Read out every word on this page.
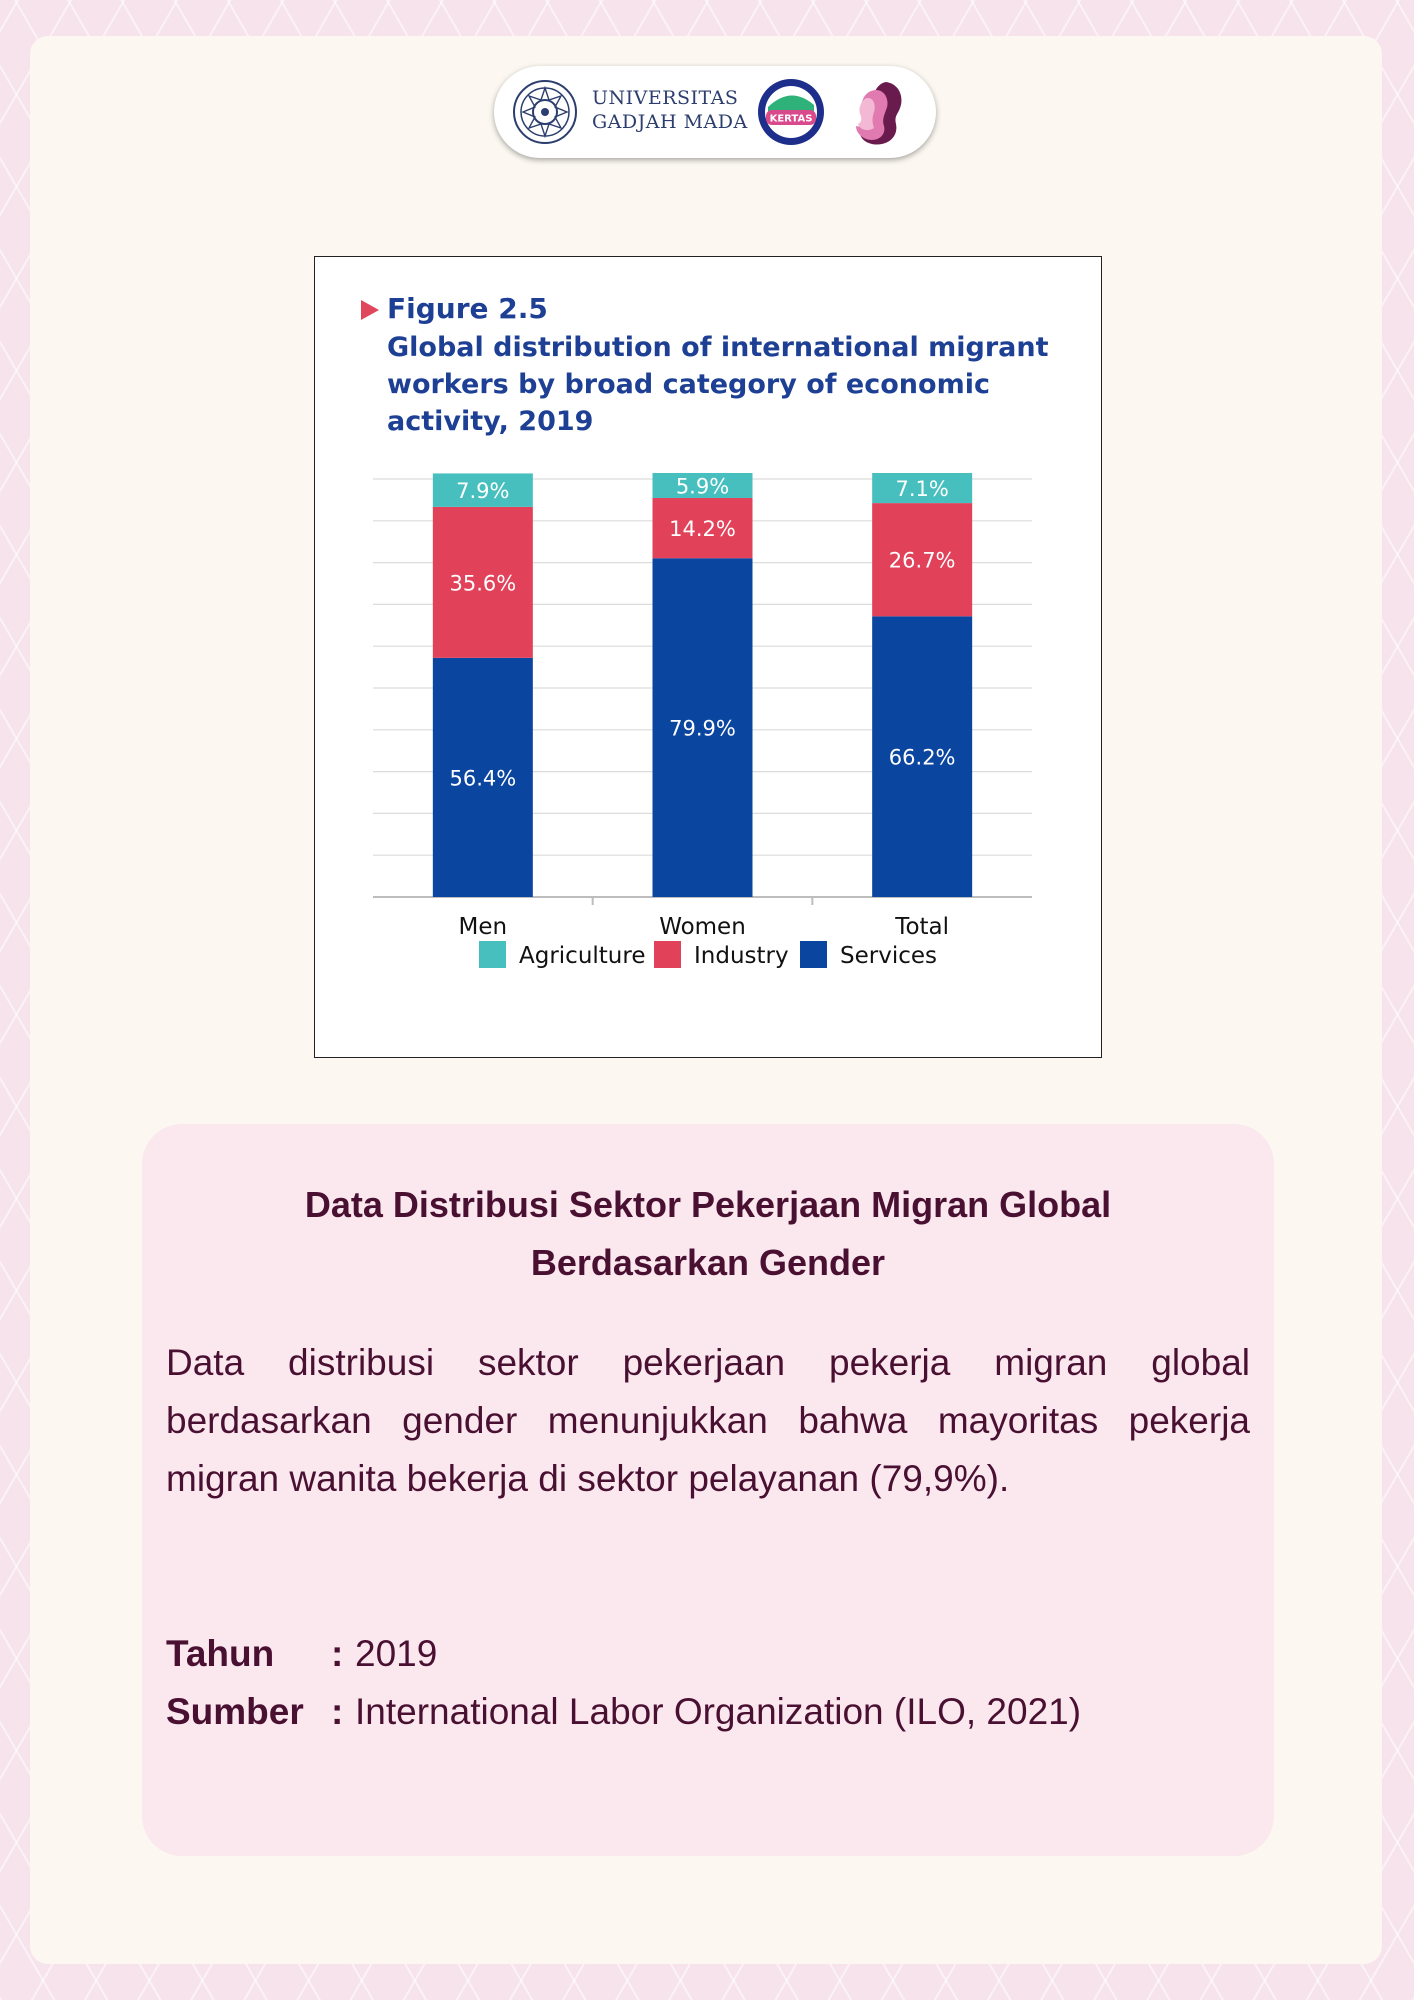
UNIVERSITAS
GADJAH MADA KERTAS
Figure 2.5
Global distribution of international migrant
workers by broad category of economic
activity, 2019
56.4%
35.6%
7.9%
Men
79.9%
14.2%
5.9%
Women
66.2%
26.7%
7.1%
Total
Agriculture Industry Services
Data Distribusi Sektor Pekerjaan Migran Global
Berdasarkan Gender
Data distribusi sektor pekerjaan pekerja migran global berdasarkan gender menunjukkan bahwa mayoritas pekerja migran wanita bekerja di sektor pelayanan (79,9%).
Tahun : 2019
Sumber : International Labor Organization (ILO, 2021)
